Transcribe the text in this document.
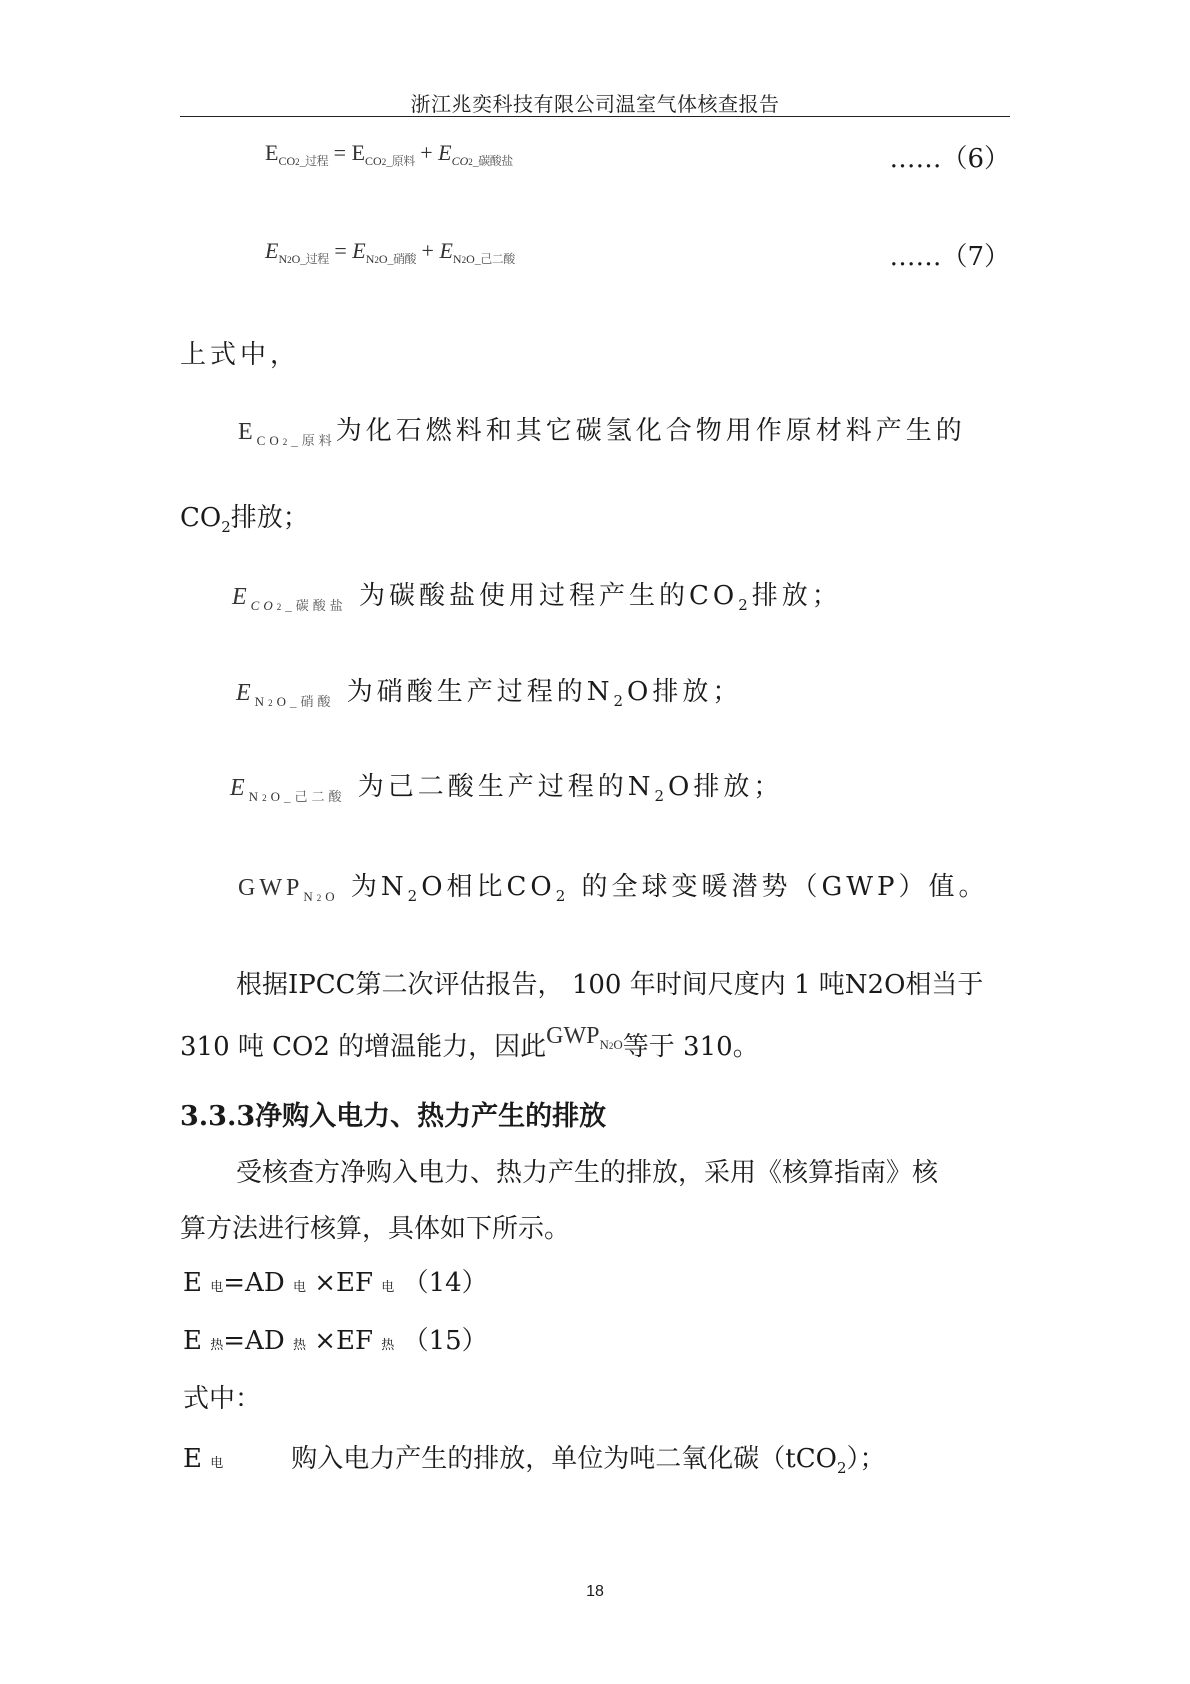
浙江兆奕科技有限公司温室气体核查报告
$E_{CO2\_过程} = E_{CO2\_原料} + E_{CO2\_碳酸盐}$	……（6）
$E_{N2O\_过程} = E_{N2O\_硝酸} + E_{N2O\_己二酸}$	……（7）
上式中，
$E_{CO2\_原料}$为化石燃料和其它碳氢化合物用作原材料产生的
$CO_2$排放；
$E_{CO2\_碳酸盐}$ 为碳酸盐使用过程产生的$CO_2$排放；
$E_{N2O\_硝酸}$ 为硝酸生产过程的$N_2O$排放；
$E_{N2O\_己二酸}$ 为己二酸生产过程的$N_2O$排放；
$GWP_{N2O}$ 为$N_2O$相比$CO_2$ 的全球变暖潜势（GWP）值。
根据IPCC第二次评估报告， 100 年时间尺度内 1 吨N2O相当于
310 吨 CO2 的增温能力，因此$GWP_{N2O}$等于 310。
3.3.3净购入电力、热力产生的排放
受核查方净购入电力、热力产生的排放，采用《核算指南》核
算方法进行核算，具体如下所示。
E 电=AD 电 ×EF 电 （14）
E 热=AD 热 ×EF 热 （15）
式中：
E 电	购入电力产生的排放，单位为吨二氧化碳（tCO$_2$）；
18
